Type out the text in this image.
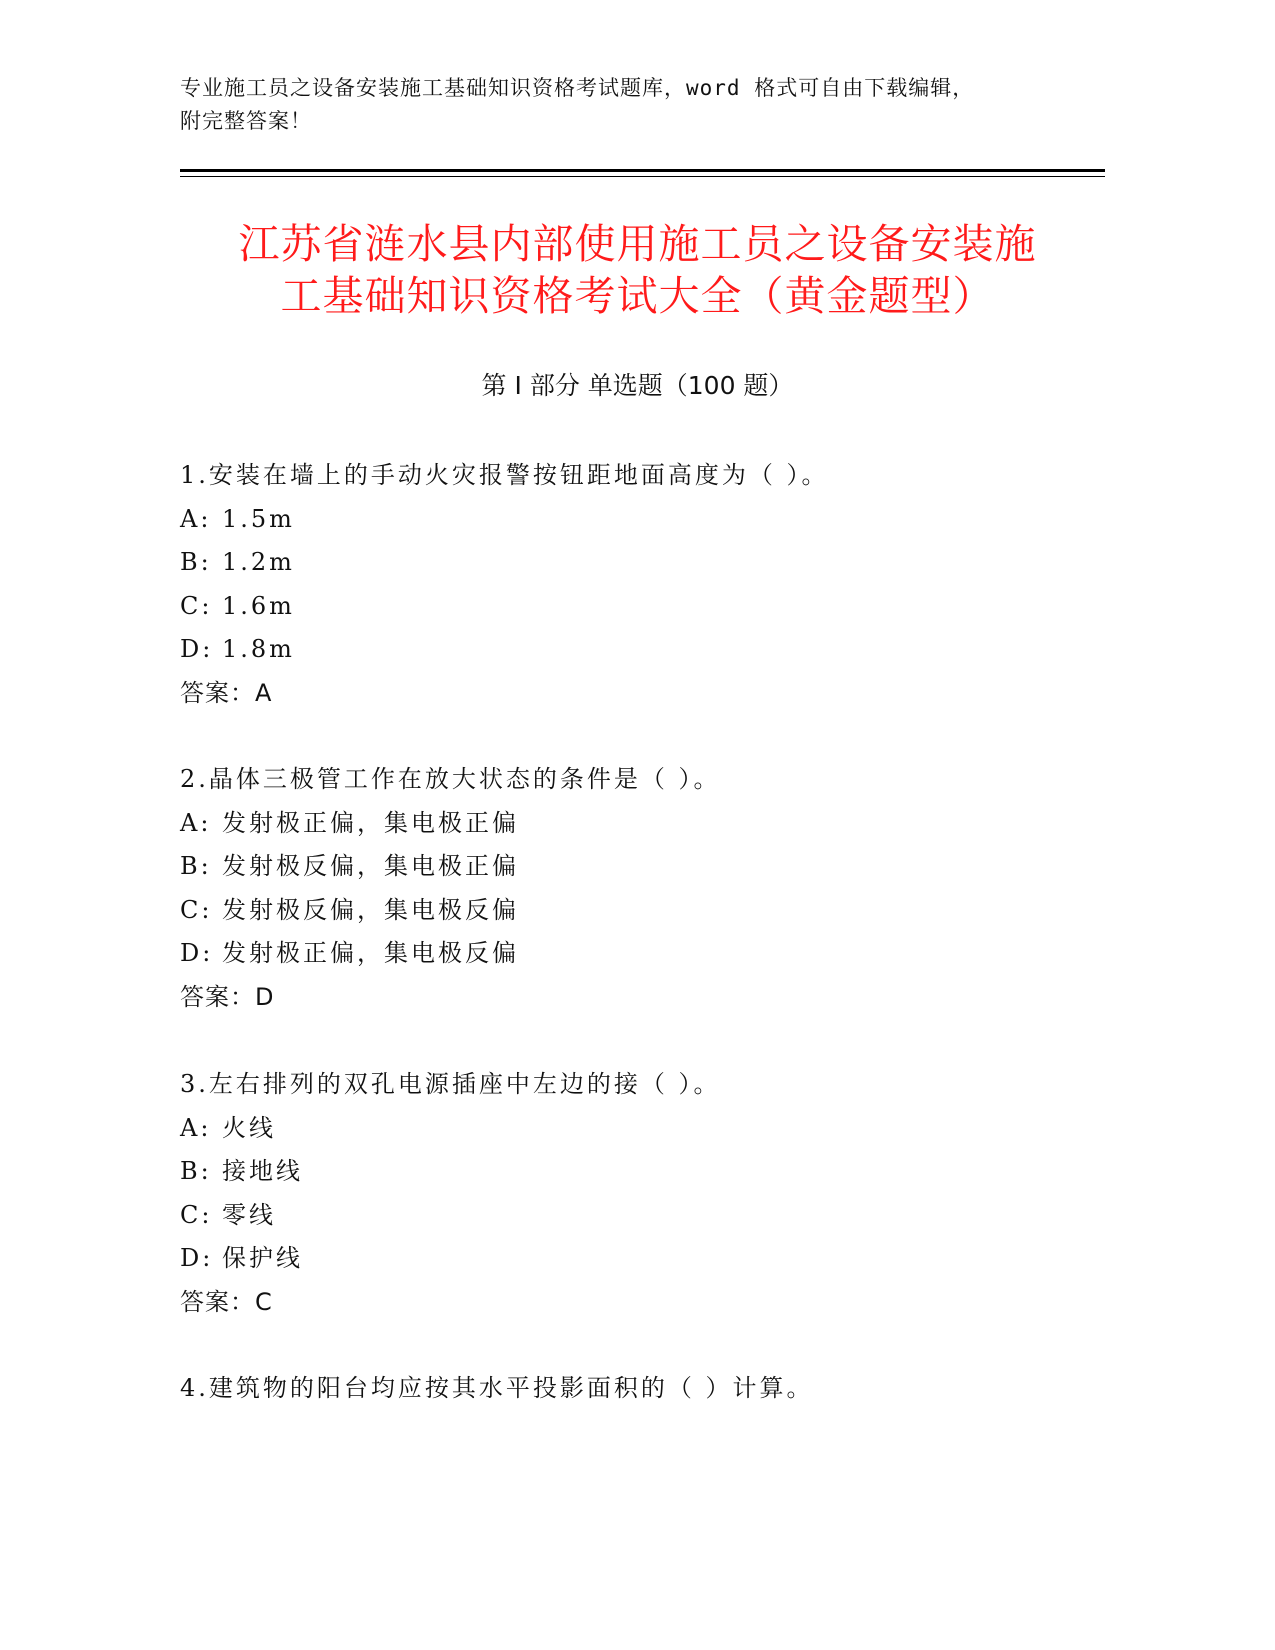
专业施工员之设备安装施工基础知识资格考试题库，word 格式可自由下载编辑，
附完整答案！
江苏省涟水县内部使用施工员之设备安装施
工基础知识资格考试大全（黄金题型）
第 I 部分 单选题（100 题）
1.安装在墙上的手动火灾报警按钮距地面高度为（ ）。
A: 1.5m
B: 1.2m
C: 1.6m
D: 1.8m
答案：A
2.晶体三极管工作在放大状态的条件是（ ）。
A: 发射极正偏，集电极正偏
B: 发射极反偏，集电极正偏
C: 发射极反偏，集电极反偏
D: 发射极正偏，集电极反偏
答案：D
3.左右排列的双孔电源插座中左边的接（ ）。
A: 火线
B: 接地线
C: 零线
D: 保护线
答案：C
4.建筑物的阳台均应按其水平投影面积的（ ）计算。
